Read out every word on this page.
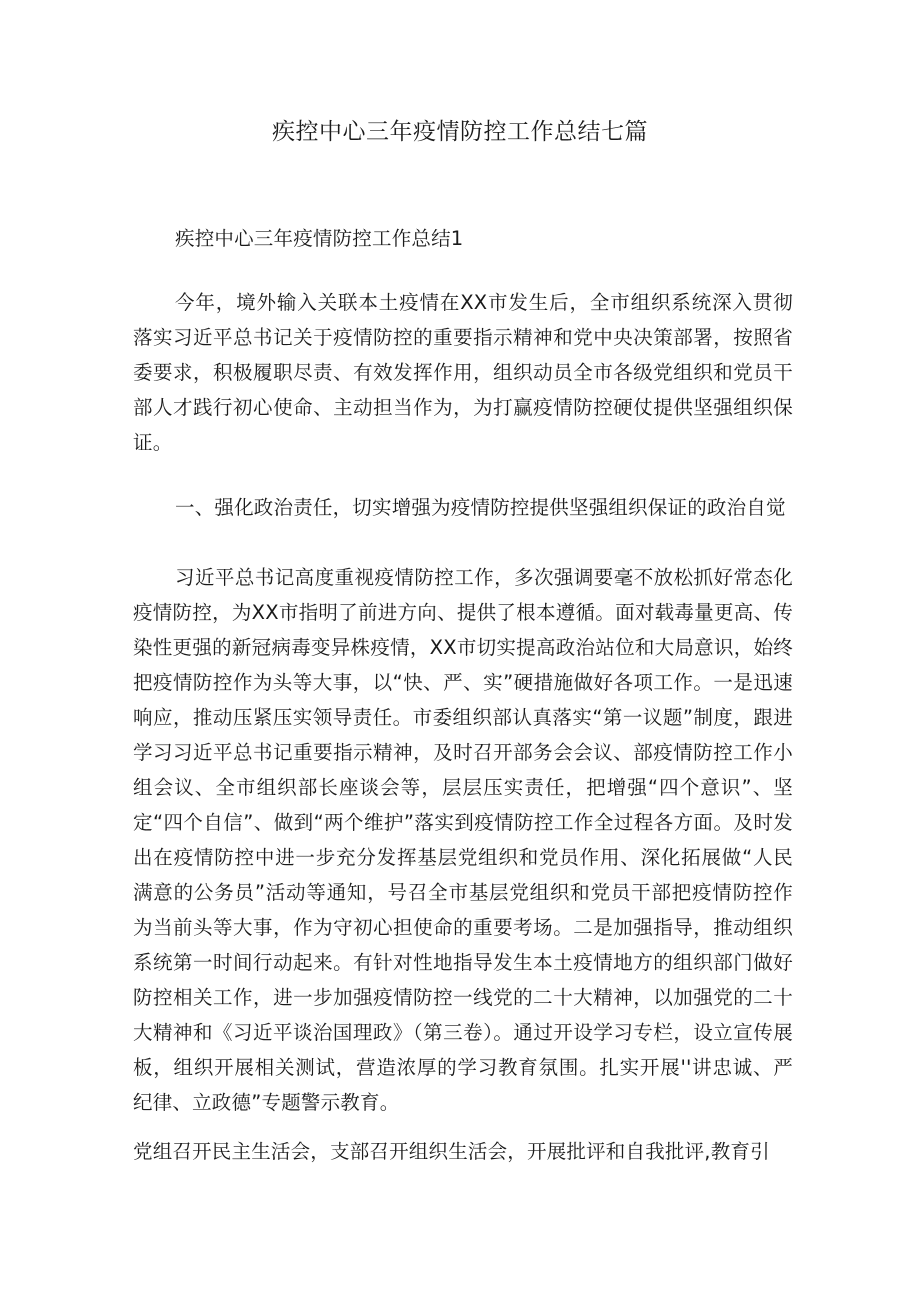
疾控中心三年疫情防控工作总结七篇
疾控中心三年疫情防控工作总结1
今年，境外输入关联本土疫情在XX市发生后，全市组织系统深入贯彻落实习近平总书记关于疫情防控的重要指示精神和党中央决策部署，按照省委要求，积极履职尽责、有效发挥作用，组织动员全市各级党组织和党员干部人才践行初心使命、主动担当作为，为打赢疫情防控硬仗提供坚强组织保证。
一、强化政治责任，切实增强为疫情防控提供坚强组织保证的政治自觉
习近平总书记高度重视疫情防控工作，多次强调要毫不放松抓好常态化疫情防控，为XX市指明了前进方向、提供了根本遵循。面对载毒量更高、传染性更强的新冠病毒变异株疫情，XX市切实提高政治站位和大局意识，始终把疫情防控作为头等大事，以“快、严、实”硬措施做好各项工作。一是迅速响应，推动压紧压实领导责任。市委组织部认真落实“第一议题”制度，跟进学习习近平总书记重要指示精神，及时召开部务会会议、部疫情防控工作小组会议、全市组织部长座谈会等，层层压实责任，把增强“四个意识”、坚定“四个自信”、做到“两个维护”落实到疫情防控工作全过程各方面。及时发出在疫情防控中进一步充分发挥基层党组织和党员作用、深化拓展做“人民满意的公务员”活动等通知，号召全市基层党组织和党员干部把疫情防控作为当前头等大事，作为守初心担使命的重要考场。二是加强指导，推动组织系统第一时间行动起来。有针对性地指导发生本土疫情地方的组织部门做好防控相关工作，进一步加强疫情防控一线党的二十大精神，以加强党的二十大精神和《习近平谈治国理政》（第三卷）。通过开设学习专栏，设立宣传展板，组织开展相关测试，营造浓厚的学习教育氛围。扎实开展''讲忠诚、严纪律、立政德”专题警示教育。
党组召开民主生活会，支部召开组织生活会，开展批评和自我批评,教育引
